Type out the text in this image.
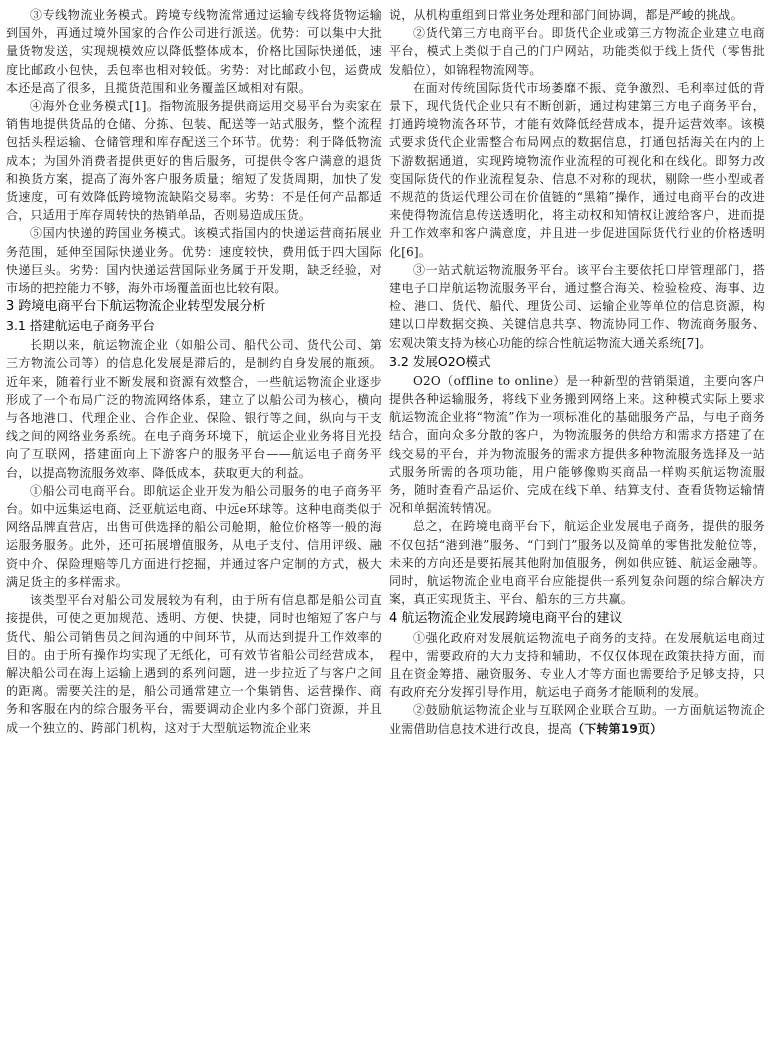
③专线物流业务模式。跨境专线物流常通过运输专线将货物运输到国外，再通过境外国家的合作公司进行派送。优势：可以集中大批量货物发送，实现规模效应以降低整体成本，价格比国际快递低，速度比邮政小包快，丢包率也相对较低。劣势：对比邮政小包，运费成本还是高了很多，且揽货范围和业务覆盖区域相对有限。

④海外仓业务模式[1]。指物流服务提供商运用交易平台为卖家在销售地提供货品的仓储、分拣、包装、配送等一站式服务，整个流程包括头程运输、仓储管理和库存配送三个环节。优势：利于降低物流成本；为国外消费者提供更好的售后服务，可提供令客户满意的退货和换货方案，提高了海外客户服务质量；缩短了发货周期，加快了发货速度，可有效降低跨境物流缺陷交易率。劣势：不是任何产品都适合，只适用于库存周转快的热销单品，否则易造成压货。

⑤国内快递的跨国业务模式。该模式指国内的快递运营商拓展业务范围，延伸至国际快递业务。优势：速度较快，费用低于四大国际快递巨头。劣势：国内快递运营国际业务属于开发期，缺乏经验，对市场的把控能力不够，海外市场覆盖面也比较有限。

3 跨境电商平台下航运物流企业转型发展分析
3.1 搭建航运电子商务平台

长期以来，航运物流企业（如船公司、船代公司、货代公司、第三方物流公司等）的信息化发展是滞后的，是制约自身发展的瓶颈。近年来，随着行业不断发展和资源有效整合，一些航运物流企业逐步形成了一个布局广泛的物流网络体系，建立了以船公司为核心，横向与各地港口、代理企业、合作企业、保险、银行等之间，纵向与干支线之间的网络业务系统。在电子商务环境下，航运企业业务将目光投向了互联网，搭建面向上下游客户的服务平台——航运电子商务平台，以提高物流服务效率、降低成本，获取更大的利益。

①船公司电商平台。即航运企业开发为船公司服务的电子商务平台。如中远集运电商、泛亚航运电商、中远e环球等。这种电商类似于网络品牌直营店，出售可供选择的船公司舱期，舱位价格等一般的海运服务服务。此外，还可拓展增值服务，从电子支付、信用评级、融资中介、保险理赔等几方面进行挖掘，并通过客户定制的方式，极大满足货主的多样需求。

该类型平台对船公司发展较为有利，由于所有信息都是船公司直接提供，可使之更加规范、透明、方便、快捷，同时也缩短了客户与货代、船公司销售员之间沟通的中间环节，从而达到提升工作效率的目的。由于所有操作均实现了无纸化，可有效节省船公司经营成本，解决船公司在海上运输上遇到的系列问题，进一步拉近了与客户之间的距离。需要关注的是，船公司通常建立一个集销售、运营操作、商务和客服在内的综合服务平台，需要调动企业内多个部门资源，并且成一个独立的、跨部门机构，这对于大型航运物流企业来

说，从机构重组到日常业务处理和部门间协调，都是严峻的挑战。

②货代第三方电商平台。即货代企业或第三方物流企业建立电商平台，模式上类似于自己的门户网站，功能类似于线上货代（零售批发船位），如锦程物流网等。

在面对传统国际货代市场萎靡不振、竞争激烈、毛利率过低的背景下，现代货代企业只有不断创新，通过构建第三方电子商务平台，打通跨境物流各环节，才能有效降低经营成本，提升运营效率。该模式要求货代企业需整合布局网点的数据信息，打通包括海关在内的上下游数据通道，实现跨境物流作业流程的可视化和在线化。即努力改变国际货代的作业流程复杂、信息不对称的现状，剔除一些小型或者不规范的货运代理公司在价值链的“黑箱”操作，通过电商平台的改进来使得物流信息传送透明化，将主动权和知情权让渡给客户，进而提升工作效率和客户满意度，并且进一步促进国际货代行业的价格透明化[6]。

③一站式航运物流服务平台。该平台主要依托口岸管理部门，搭建电子口岸航运物流服务平台，通过整合海关、检验检疫、海事、边检、港口、货代、船代、理货公司、运输企业等单位的信息资源，构建以口岸数据交换、关键信息共享、物流协同工作、物流商务服务、宏观决策支持为核心功能的综合性航运物流大通关系统[7]。

3.2 发展O2O模式

O2O（offline to online）是一种新型的营销渠道，主要向客户提供各种运输服务，将线下业务搬到网络上来。这种模式实际上要求航运物流企业将“物流”作为一项标准化的基础服务产品，与电子商务结合，面向众多分散的客户，为物流服务的供给方和需求方搭建了在线交易的平台，并为物流服务的需求方提供多种物流服务选择及一站式服务所需的各项功能，用户能够像购买商品一样购买航运物流服务，随时查看产品运价、完成在线下单、结算支付、查看货物运输情况和单据流转情况。

总之，在跨境电商平台下，航运企业发展电子商务，提供的服务不仅包括“港到港”服务、“门到门”服务以及简单的零售批发舱位等，未来的方向还是要拓展其他附加值服务，例如供应链、航运金融等。同时，航运物流企业电商平台应能提供一系列复杂问题的综合解决方案，真正实现货主、平台、船东的三方共赢。

4 航运物流企业发展跨境电商平台的建议

①强化政府对发展航运物流电子商务的支持。在发展航运电商过程中，需要政府的大力支持和辅助，不仅仅体现在政策扶持方面，而且在资金筹措、融资服务、专业人才等方面也需要给予足够支持，只有政府充分发挥引导作用，航运电子商务才能顺利的发展。

②鼓励航运物流企业与互联网企业联合互助。一方面航运物流企业需借助信息技术进行改良，提高（下转第19页）
